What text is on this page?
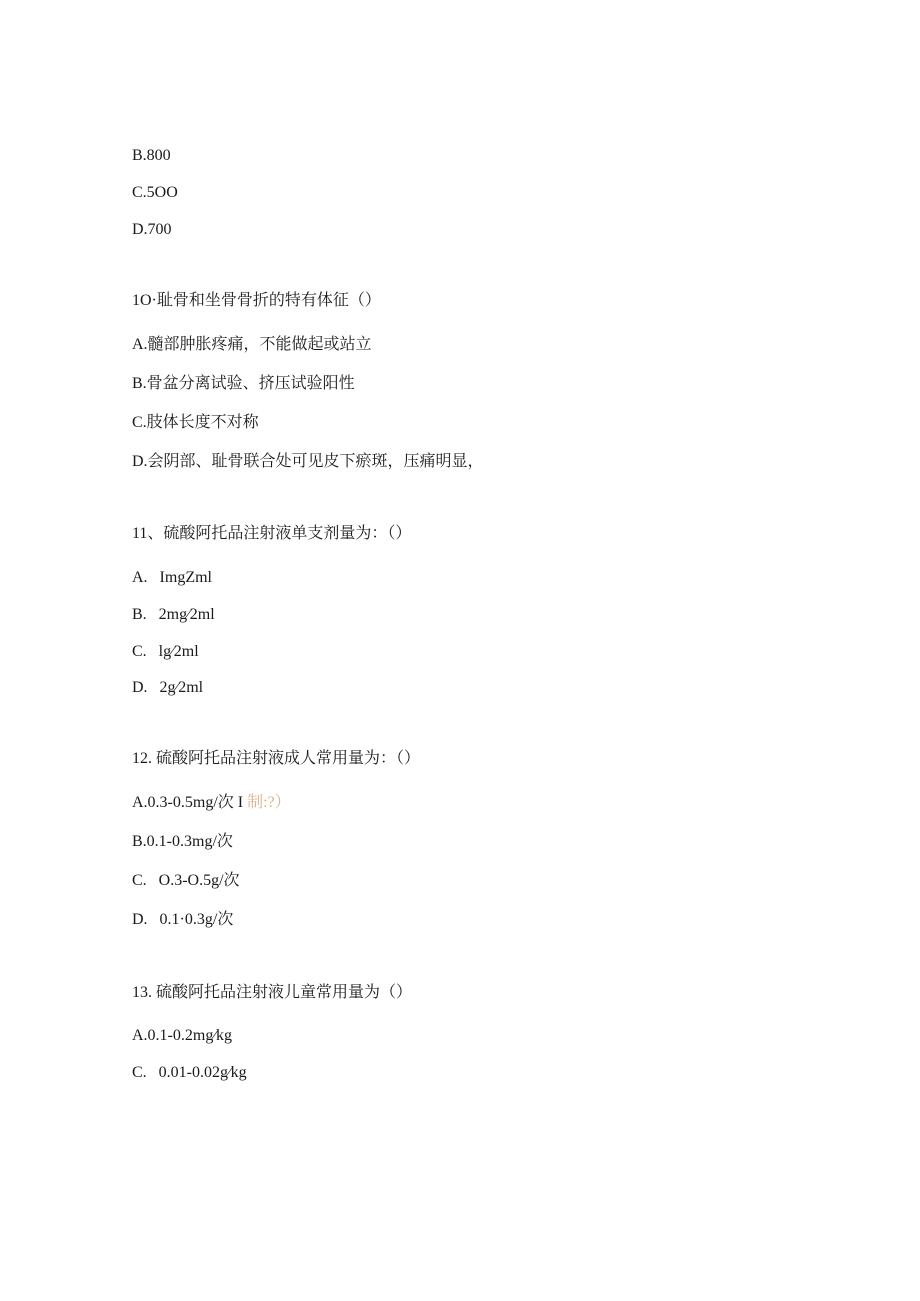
B.800
C.5OO
D.700
1O·耻骨和坐骨骨折的特有体征（）
A.髓部肿胀疼痛，不能做起或站立
B.骨盆分离试验、挤压试验阳性
C.肢体长度不对称
D.会阴部、耻骨联合处可见皮下瘀斑，压痛明显，
11、硫酸阿托品注射液单支剂量为：（）
A.   ImgZml
B.   2mg∕2ml
C.   lg∕2ml
D.   2g∕2ml
12. 硫酸阿托品注射液成人常用量为：（）
A.0.3-0.5mg/次 I 制:?）
B.0.1-0.3mg/次
C.   O.3-O.5g/次
D.   0.1·0.3g/次
13. 硫酸阿托品注射液儿童常用量为（）
A.0.1-0.2mg∕kg
C.   0.01-0.02g∕kg
